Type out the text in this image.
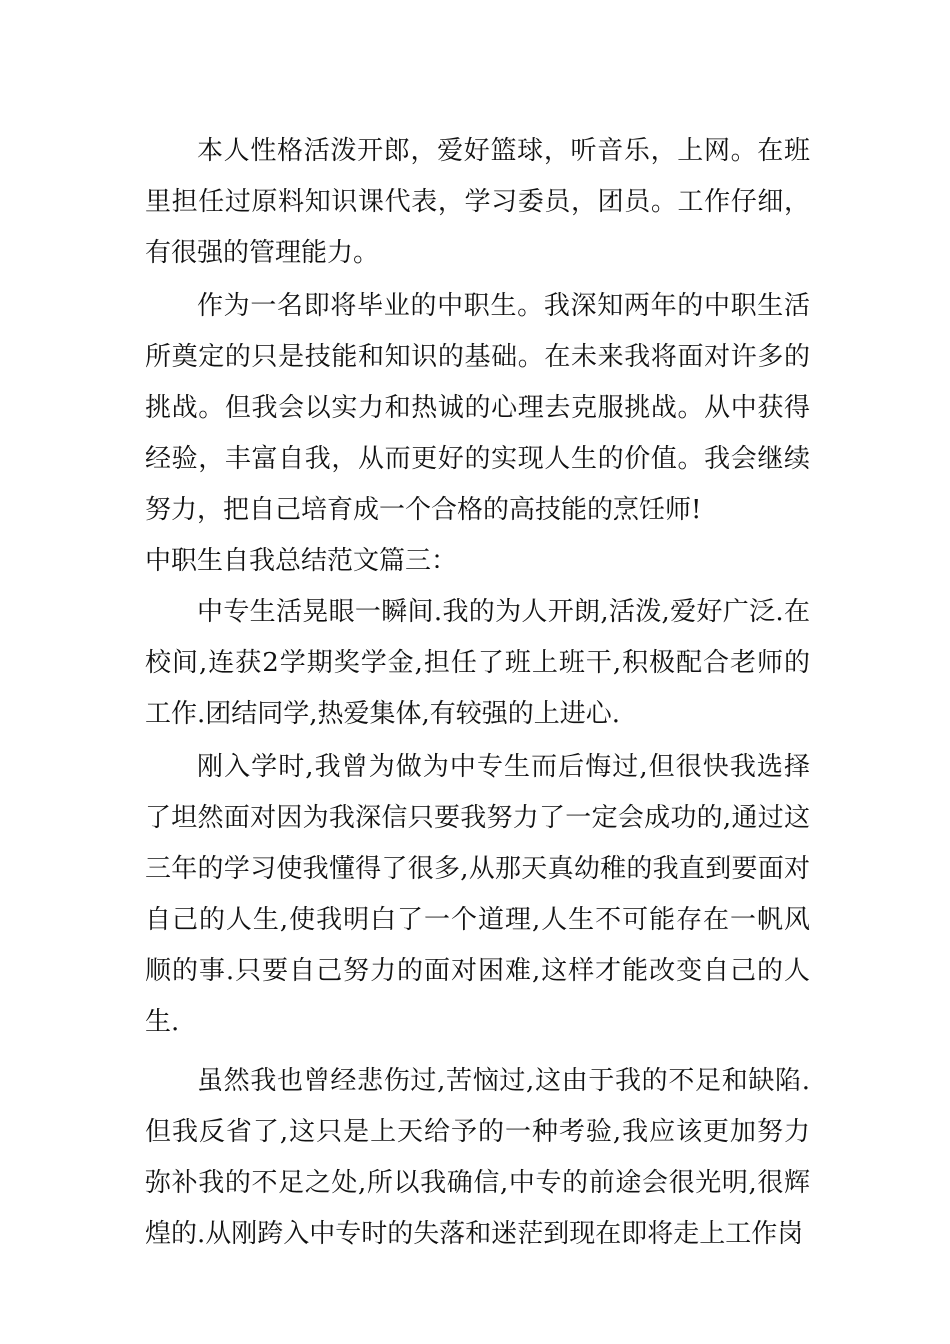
本人性格活泼开郎，爱好篮球，听音乐，上网。在班里担任过原料知识课代表，学习委员，团员。工作仔细，有很强的管理能力。

作为一名即将毕业的中职生。我深知两年的中职生活所奠定的只是技能和知识的基础。在未来我将面对许多的挑战。但我会以实力和热诚的心理去克服挑战。从中获得经验，丰富自我，从而更好的实现人生的价值。我会继续努力，把自己培育成一个合格的高技能的烹饪师!

中职生自我总结范文篇三：

中专生活晃眼一瞬间.我的为人开朗,活泼,爱好广泛.在校间,连获2学期奖学金,担任了班上班干,积极配合老师的工作.团结同学,热爱集体,有较强的上进心.

刚入学时,我曾为做为中专生而后悔过,但很快我选择了坦然面对因为我深信只要我努力了一定会成功的,通过这三年的学习使我懂得了很多,从那天真幼稚的我直到要面对自己的人生,使我明白了一个道理,人生不可能存在一帆风顺的事.只要自己努力的面对困难,这样才能改变自己的人生.

虽然我也曾经悲伤过,苦恼过,这由于我的不足和缺陷.但我反省了,这只是上天给予的一种考验,我应该更加努力弥补我的不足之处,所以我确信,中专的前途会很光明,很辉煌的.从刚跨入中专时的失落和迷茫到现在即将走上工作岗
